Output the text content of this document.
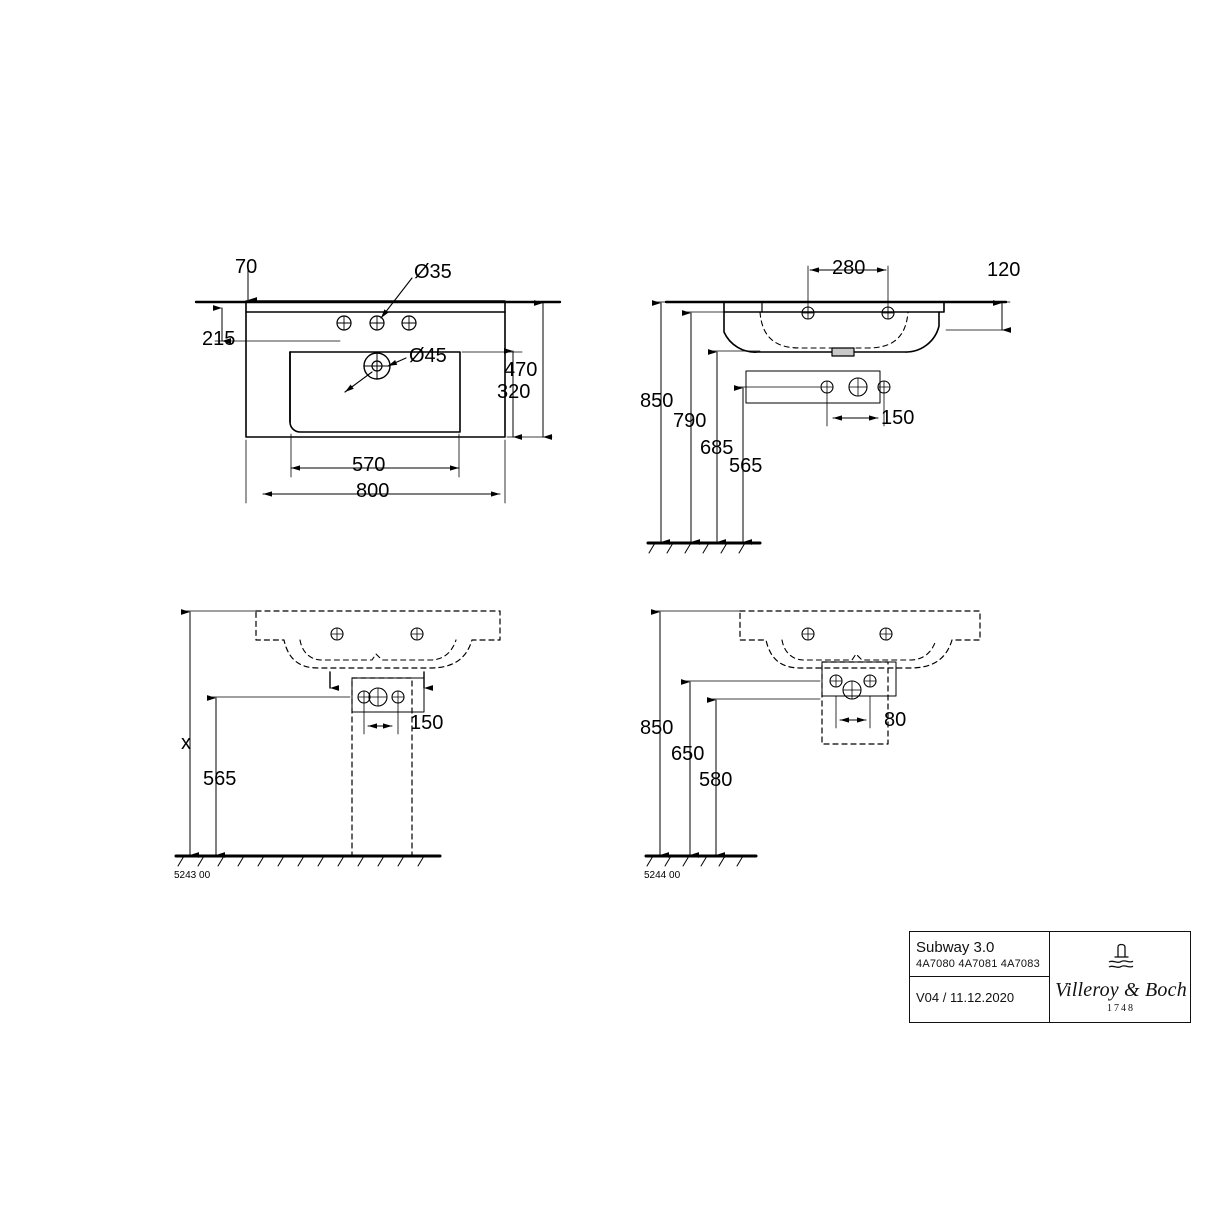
70
215
Ø35
Ø45
470
320
570
800
280	120
850
790
685
565
150
150
x
565
5243 00
850
650
580
80
5244 00
Subway 3.0
4A7080 4A7081 4A7083
V04 / 11.12.2020 Villeroy & Boch
1748
